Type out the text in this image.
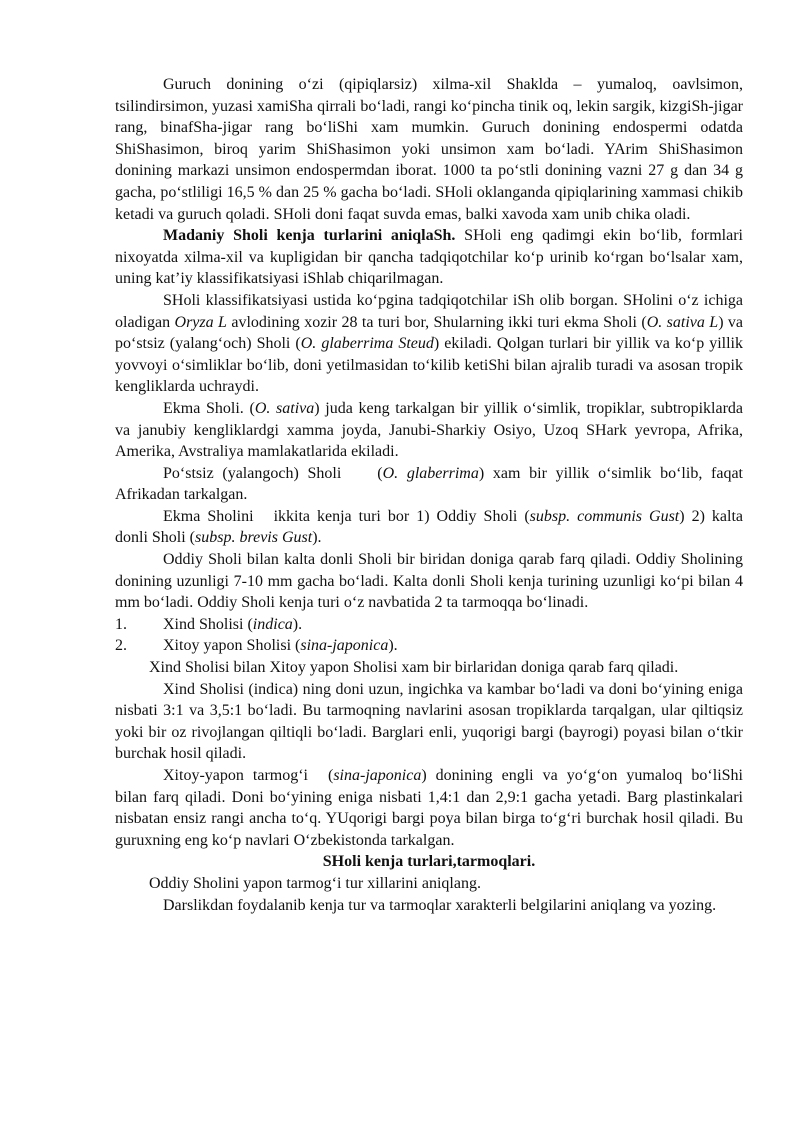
Guruch donining o‘zi (qipiqlarsiz) xilma-xil Shaklda – yumaloq, oavlsimon, tsilindirsimon, yuzasi xamiSha qirrali bo‘ladi, rangi ko‘pincha tinik oq, lekin sargik, kizgiSh-jigar rang, binafSha-jigar rang bo‘liShi xam mumkin. Guruch donining endospermi odatda ShiShasimon, biroq yarim ShiShasimon yoki unsimon xam bo‘ladi. YArim ShiShasimon donining markazi unsimon endospermdan iborat. 1000 ta po‘stli donining vazni 27 g dan 34 g gacha, po‘stliligi 16,5 % dan 25 % gacha bo‘ladi. SHoli oklanganda qipiqlarining xammasi chikib ketadi va guruch qoladi. SHoli doni faqat suvda emas, balki xavoda xam unib chika oladi.

Madaniy Sholi kenja turlarini aniqlaSh. SHoli eng qadimgi ekin bo‘lib, formlari nixoyatda xilma-xil va kupligidan bir qancha tadqiqotchilar ko‘p urinib ko‘rgan bo‘lsalar xam, uning kat’iy klassifikatsiyasi iShlab chiqarilmagan.

SHoli klassifikatsiyasi ustida ko‘pgina tadqiqotchilar iSh olib borgan. SHolini o‘z ichiga oladigan Oryza L avlodining xozir 28 ta turi bor, Shularning ikki turi ekma Sholi (O. sativa L) va po‘stsiz (yalang‘och) Sholi (O. glaberrima Steud) ekiladi. Qolgan turlari bir yillik va ko‘p yillik yovvoyi o‘simliklar bo‘lib, doni yetilmasidan to‘kilib ketiShi bilan ajralib turadi va asosan tropik kengliklarda uchraydi.

Ekma Sholi. (O. sativa) juda keng tarkalgan bir yillik o‘simlik, tropiklar, subtropiklarda va janubiy kengliklardgi xamma joyda, Janubi-Sharkiy Osiyo, Uzoq SHark yevropa, Afrika, Amerika, Avstraliya mamlakatlarida ekiladi.

Po‘stsiz (yalangoch) Sholi (O. glaberrima) xam bir yillik o‘simlik bo‘lib, faqat Afrikadan tarkalgan.

Ekma Sholini ikkita kenja turi bor 1) Oddiy Sholi (subsp. communis Gust) 2) kalta donli Sholi (subsp. brevis Gust).

Oddiy Sholi bilan kalta donli Sholi bir biridan doniga qarab farq qiladi. Oddiy Sholining donining uzunligi 7-10 mm gacha bo‘ladi. Kalta donli Sholi kenja turining uzunligi ko‘pi bilan 4 mm bo‘ladi. Oddiy Sholi kenja turi o‘z navbatida 2 ta tarmoqqa bo‘linadi.

1.	Xind Sholisi (indica).
2.	Xitoy yapon Sholisi (sina-japonica).

Xind Sholisi bilan Xitoy yapon Sholisi xam bir birlaridan doniga qarab farq qiladi.

Xind Sholisi (indica) ning doni uzun, ingichka va kambar bo‘ladi va doni bo‘yining eniga nisbati 3:1 va 3,5:1 bo‘ladi. Bu tarmoqning navlarini asosan tropiklarda tarqalgan, ular qiltiqsiz yoki bir oz rivojlangan qiltiqli bo‘ladi. Barglari enli, yuqorigi bargi (bayrogi) poyasi bilan o‘tkir burchak hosil qiladi.

Xitoy-yapon tarmog‘i (sina-japonica) donining engli va yo‘g‘on yumaloq bo‘liShi bilan farq qiladi. Doni bo‘yining eniga nisbati 1,4:1 dan 2,9:1 gacha yetadi. Barg plastinkalari nisbatan ensiz rangi ancha to‘q. YUqorigi bargi poya bilan birga to‘g‘ri burchak hosil qiladi. Bu guruxning eng ko‘p navlari O‘zbekistonda tarkalgan.

SHoli kenja turlari,tarmoqlari.

Oddiy Sholini yapon tarmog‘i tur xillarini aniqlang.

Darslikdan foydalanib kenja tur va tarmoqlar xarakterli belgilarini aniqlang va yozing.
